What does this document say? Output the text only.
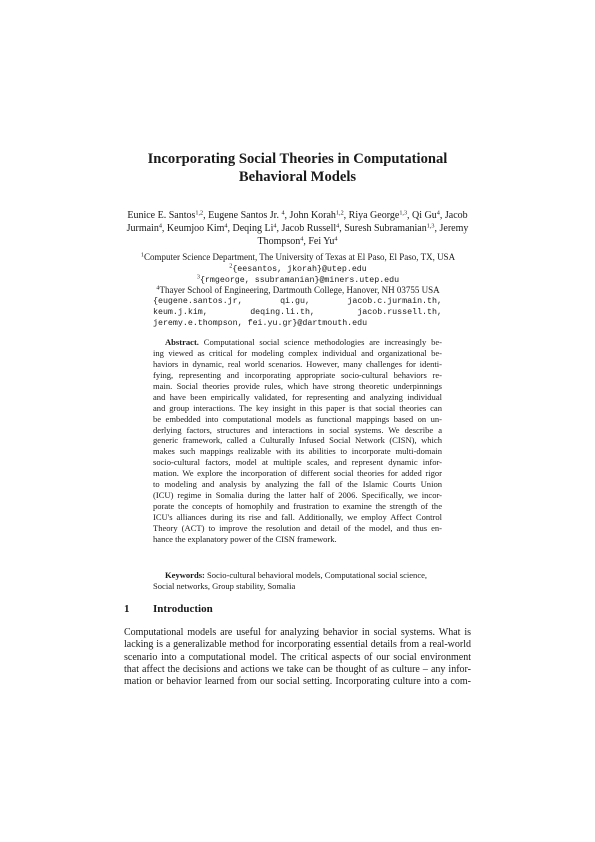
Incorporating Social Theories in Computational
Behavioral Models
Eunice E. Santos$^{1,2}$, Eugene Santos Jr. $^4$, John Korah$^{1,2}$, Riya George$^{1,3}$, Qi Gu$^4$, Jacob
Jurmain$^4$, Keumjoo Kim$^4$, Deqing Li$^4$, Jacob Russell$^4$, Suresh Subramanian$^{1,3}$, Jeremy
Thompson$^4$, Fei Yu$^4$
$^1$Computer Science Department, The University of Texas at El Paso, El Paso, TX, USA
$^2${eesantos, jkorah}@utep.edu
$^3${rmgeorge, ssubramanian}@miners.utep.edu
$^4$Thayer School of Engineering, Dartmouth College, Hanover, NH 03755 USA
{eugene.santos.jr,	qi.gu,	jacob.c.jurmain.th,
keum.j.kim,	deqing.li.th,	jacob.russell.th,
jeremy.e.thompson, fei.yu.gr}@dartmouth.edu
Abstract. Computational social science methodologies are increasingly be-
ing viewed as critical for modeling complex individual and organizational be-
haviors in dynamic, real world scenarios. However, many challenges for identi-
fying, representing and incorporating appropriate socio-cultural behaviors re-
main. Social theories provide rules, which have strong theoretic underpinnings
and have been empirically validated, for representing and analyzing individual
and group interactions. The key insight in this paper is that social theories can
be embedded into computational models as functional mappings based on un-
derlying factors, structures and interactions in social systems. We describe a
generic framework, called a Culturally Infused Social Network (CISN), which
makes such mappings realizable with its abilities to incorporate multi-domain
socio-cultural factors, model at multiple scales, and represent dynamic infor-
mation. We explore the incorporation of different social theories for added rigor
to modeling and analysis by analyzing the fall of the Islamic Courts Union
(ICU) regime in Somalia during the latter half of 2006. Specifically, we incor-
porate the concepts of homophily and frustration to examine the strength of the
ICU's alliances during its rise and fall. Additionally, we employ Affect Control
Theory (ACT) to improve the resolution and detail of the model, and thus en-
hance the explanatory power of the CISN framework.
Keywords: Socio-cultural behavioral models, Computational social science,
Social networks, Group stability, Somalia
1 Introduction
Computational models are useful for analyzing behavior in social systems. What is
lacking is a generalizable method for incorporating essential details from a real-world
scenario into a computational model. The critical aspects of our social environment
that affect the decisions and actions we take can be thought of as culture – any infor-
mation or behavior learned from our social setting. Incorporating culture into a com-
